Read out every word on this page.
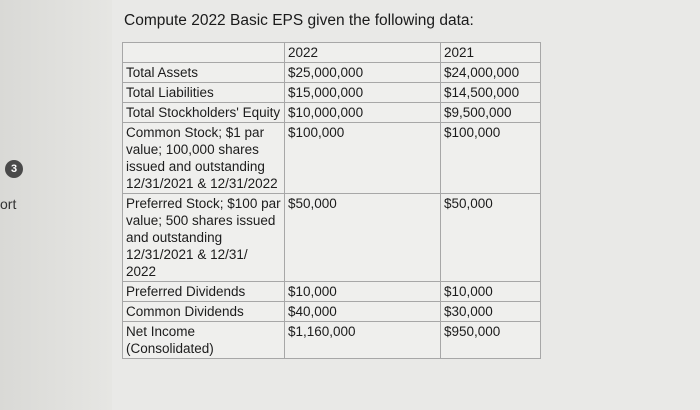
3
ort
Compute 2022 Basic EPS given the following data:
	2022	2021
Total Assets	$25,000,000	$24,000,000
Total Liabilities	$15,000,000	$14,500,000
Total Stockholders' Equity	$10,000,000	$9,500,000
Common Stock; $1 par value; 100,000 shares issued and outstanding 12/31/2021 & 12/31/2022	$100,000	$100,000
Preferred Stock; $100 par value; 500 shares issued and outstanding 12/31/2021 & 12/31/ 2022	$50,000	$50,000
Preferred Dividends	$10,000	$10,000
Common Dividends	$40,000	$30,000
Net Income (Consolidated)	$1,160,000	$950,000
